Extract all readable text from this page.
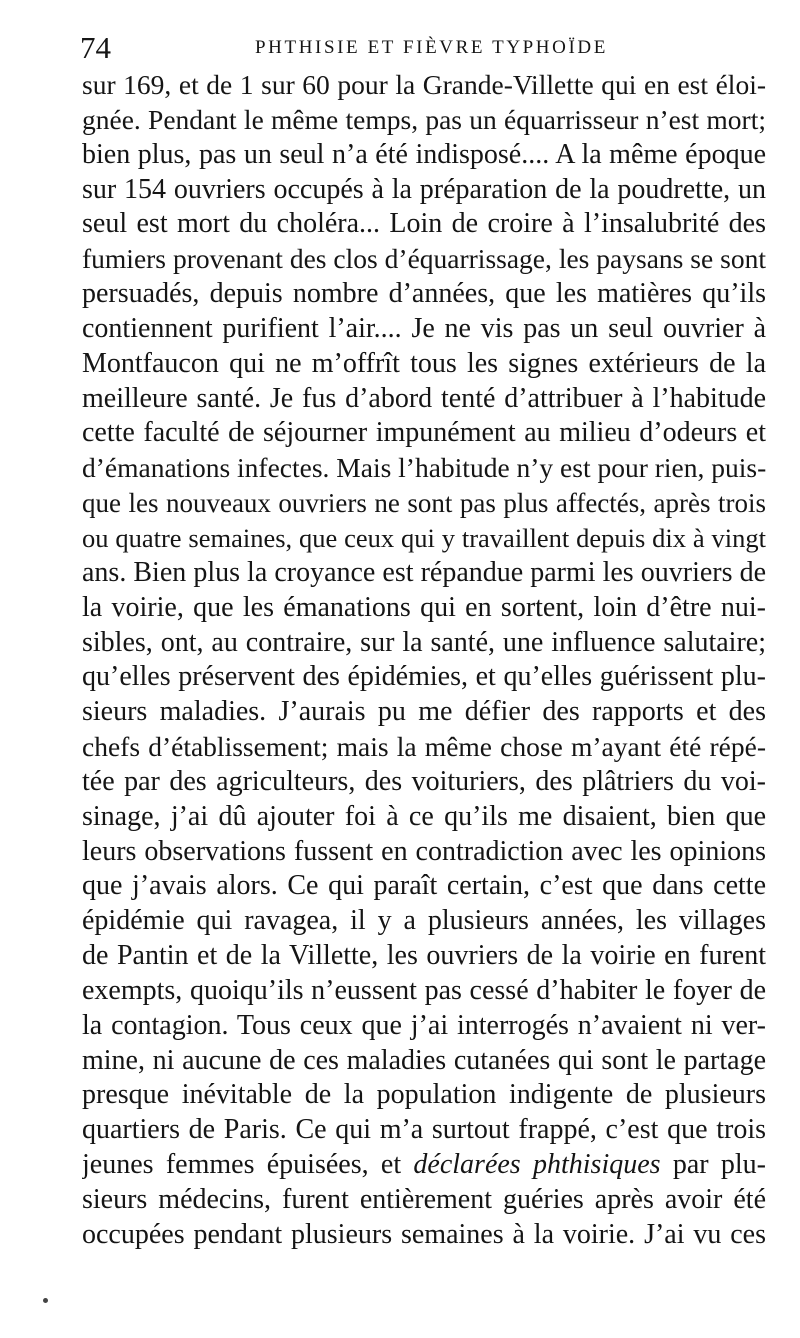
74	PHTHISIE ET FIÈVRE TYPHOÏDE
sur 169, et de 1 sur 60 pour la Grande-Villette qui en est éloi-
gnée. Pendant le même temps, pas un équarrisseur n’est mort;
bien plus, pas un seul n’a été indisposé.... A la même époque
sur 154 ouvriers occupés à la préparation de la poudrette, un
seul est mort du choléra... Loin de croire à l’insalubrité des
fumiers provenant des clos d’équarrissage, les paysans se sont
persuadés, depuis nombre d’années, que les matières qu’ils
contiennent purifient l’air.... Je ne vis pas un seul ouvrier à
Montfaucon qui ne m’offrît tous les signes extérieurs de la
meilleure santé. Je fus d’abord tenté d’attribuer à l’habitude
cette faculté de séjourner impunément au milieu d’odeurs et
d’émanations infectes. Mais l’habitude n’y est pour rien, puis-
que les nouveaux ouvriers ne sont pas plus affectés, après trois
ou quatre semaines, que ceux qui y travaillent depuis dix à vingt
ans. Bien plus la croyance est répandue parmi les ouvriers de
la voirie, que les émanations qui en sortent, loin d’être nui-
sibles, ont, au contraire, sur la santé, une influence salutaire;
qu’elles préservent des épidémies, et qu’elles guérissent plu-
sieurs maladies. J’aurais pu me défier des rapports et des
chefs d’établissement; mais la même chose m’ayant été répé-
tée par des agriculteurs, des voituriers, des plâtriers du voi-
sinage, j’ai dû ajouter foi à ce qu’ils me disaient, bien que
leurs observations fussent en contradiction avec les opinions
que j’avais alors. Ce qui paraît certain, c’est que dans cette
épidémie qui ravagea, il y a plusieurs années, les villages
de Pantin et de la Villette, les ouvriers de la voirie en furent
exempts, quoiqu’ils n’eussent pas cessé d’habiter le foyer de
la contagion. Tous ceux que j’ai interrogés n’avaient ni ver-
mine, ni aucune de ces maladies cutanées qui sont le partage
presque inévitable de la population indigente de plusieurs
quartiers de Paris. Ce qui m’a surtout frappé, c’est que trois
jeunes femmes épuisées, et déclarées phthisiques par plu-
sieurs médecins, furent entièrement guéries après avoir été
occupées pendant plusieurs semaines à la voirie. J’ai vu ces
